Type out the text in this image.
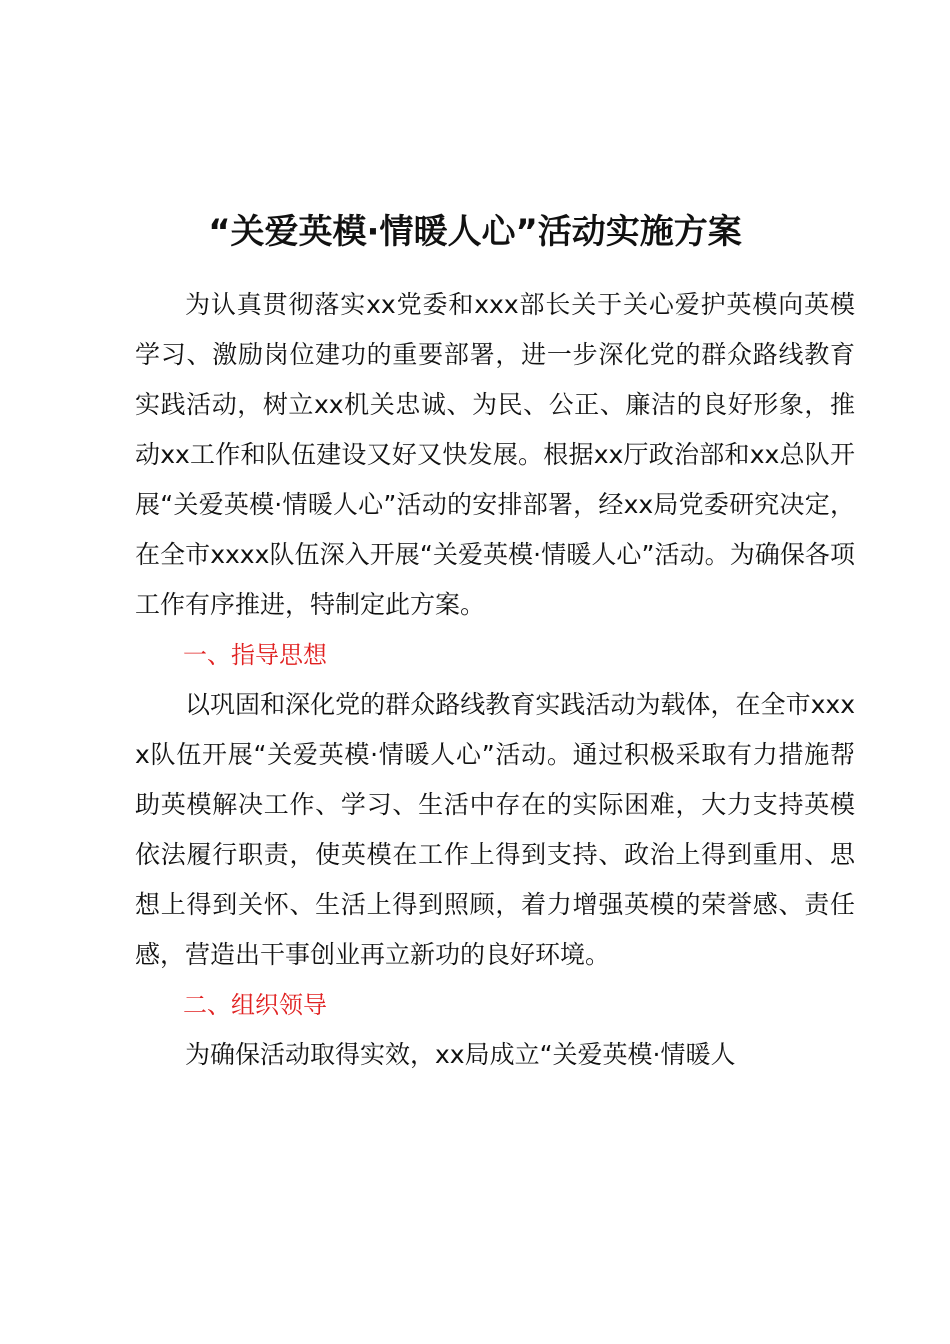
“关爱英模·情暖人心”活动实施方案

为认真贯彻落实xx党委和xxx部长关于关心爱护英模向英模学习、激励岗位建功的重要部署，进一步深化党的群众路线教育实践活动，树立xx机关忠诚、为民、公正、廉洁的良好形象，推动xx工作和队伍建设又好又快发展。根据xx厅政治部和xx总队开展“关爱英模·情暖人心”活动的安排部署，经xx局党委研究决定，在全市xxxx队伍深入开展“关爱英模·情暖人心”活动。为确保各项工作有序推进，特制定此方案。

一、指导思想

以巩固和深化党的群众路线教育实践活动为载体，在全市xxxx队伍开展“关爱英模·情暖人心”活动。通过积极采取有力措施帮助英模解决工作、学习、生活中存在的实际困难，大力支持英模依法履行职责，使英模在工作上得到支持、政治上得到重用、思想上得到关怀、生活上得到照顾，着力增强英模的荣誉感、责任感，营造出干事创业再立新功的良好环境。

二、组织领导

为确保活动取得实效，xx局成立“关爱英模·情暖人
